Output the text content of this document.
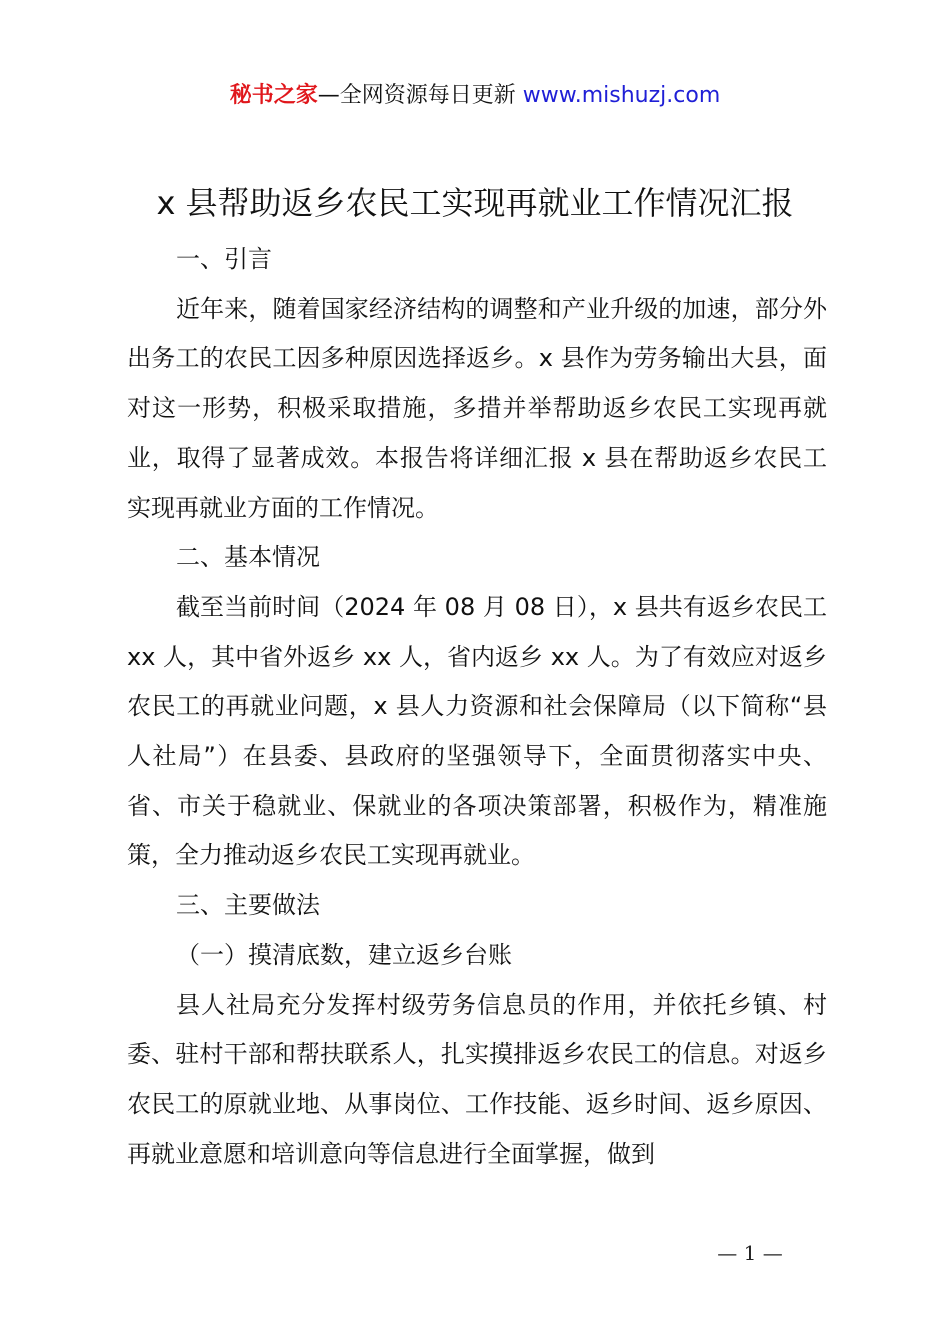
秘书之家—全网资源每日更新 www.mishuzj.com
x 县帮助返乡农民工实现再就业工作情况汇报
一、引言

近年来，随着国家经济结构的调整和产业升级的加速，部分外出务工的农民工因多种原因选择返乡。x 县作为劳务输出大县，面对这一形势，积极采取措施，多措并举帮助返乡农民工实现再就业，取得了显著成效。本报告将详细汇报 x 县在帮助返乡农民工实现再就业方面的工作情况。

二、基本情况

截至当前时间（2024 年 08 月 08 日），x 县共有返乡农民工 xx 人，其中省外返乡 xx 人，省内返乡 xx 人。为了有效应对返乡农民工的再就业问题，x 县人力资源和社会保障局（以下简称“县人社局”）在县委、县政府的坚强领导下，全面贯彻落实中央、省、市关于稳就业、保就业的各项决策部署，积极作为，精准施策，全力推动返乡农民工实现再就业。

三、主要做法
（一）摸清底数，建立返乡台账

县人社局充分发挥村级劳务信息员的作用，并依托乡镇、村委、驻村干部和帮扶联系人，扎实摸排返乡农民工的信息。对返乡农民工的原就业地、从事岗位、工作技能、返乡时间、返乡原因、再就业意愿和培训意向等信息进行全面掌握，做到

— 1 —
